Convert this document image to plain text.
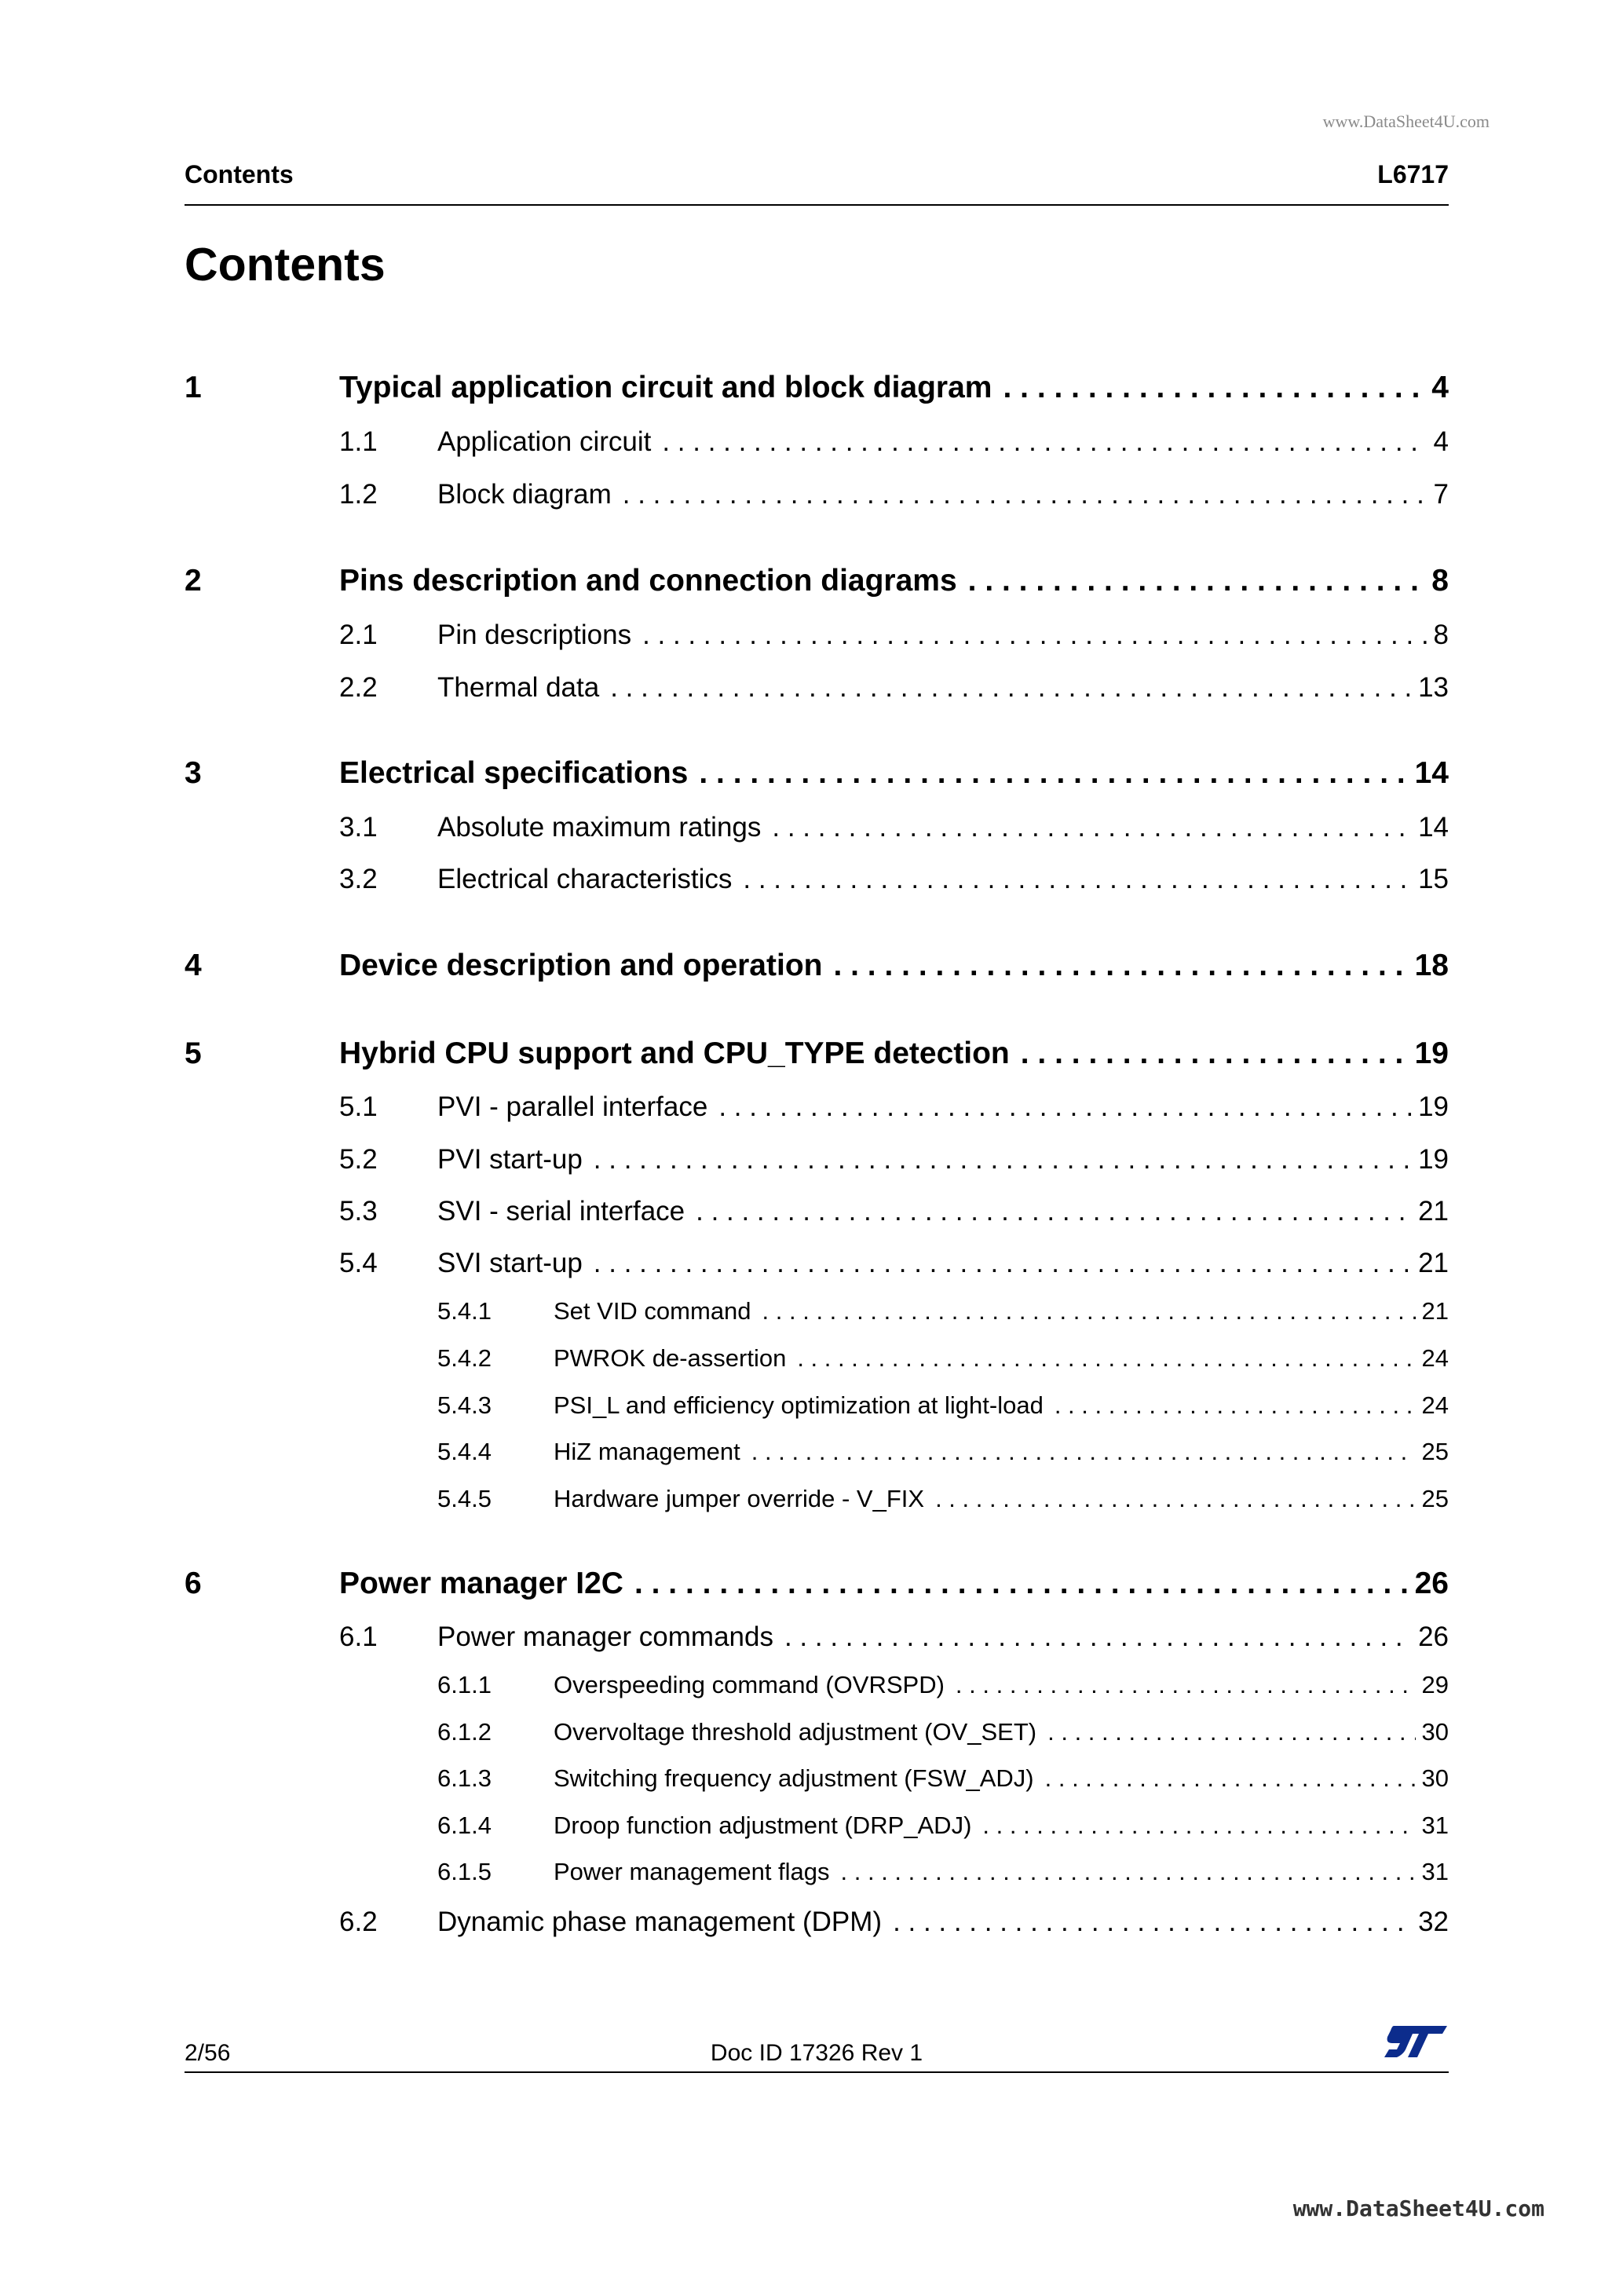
www.DataSheet4U.com
Contents	L6717
Contents
1	Typical application circuit and block diagram . . .	4
1.1 Application circuit . . .	4
1.2 Block diagram . . .	7
2	Pins description and connection diagrams . . .	8
2.1 Pin descriptions . . .	8
2.2 Thermal data . . .	13
3	Electrical specifications . . .	14
3.1 Absolute maximum ratings . . .	14
3.2 Electrical characteristics . . .	15
4	Device description and operation . . .	18
5	Hybrid CPU support and CPU_TYPE detection . . .	19
5.1 PVI - parallel interface . . .	19
5.2 PVI start-up . . .	19
5.3 SVI - serial interface . . .	21
5.4 SVI start-up . . .	21
5.4.1	Set VID command . . .	21
5.4.2	PWROK de-assertion . . .	24
5.4.3	PSI_L and efficiency optimization at light-load . . .	24
5.4.4	HiZ management . . .	25
5.4.5	Hardware jumper override - V_FIX . . .	25
6	Power manager I2C . . .	26
6.1 Power manager commands . . .	26
6.1.1	Overspeeding command (OVRSPD) . . .	29
6.1.2	Overvoltage threshold adjustment (OV_SET) . . .	30
6.1.3	Switching frequency adjustment (FSW_ADJ) . . .	30
6.1.4	Droop function adjustment (DRP_ADJ) . . .	31
6.1.5	Power management flags . . .	31
6.2 Dynamic phase management (DPM) . . .	32
2/56	Doc ID 17326 Rev 1
www.DataSheet4U.com
